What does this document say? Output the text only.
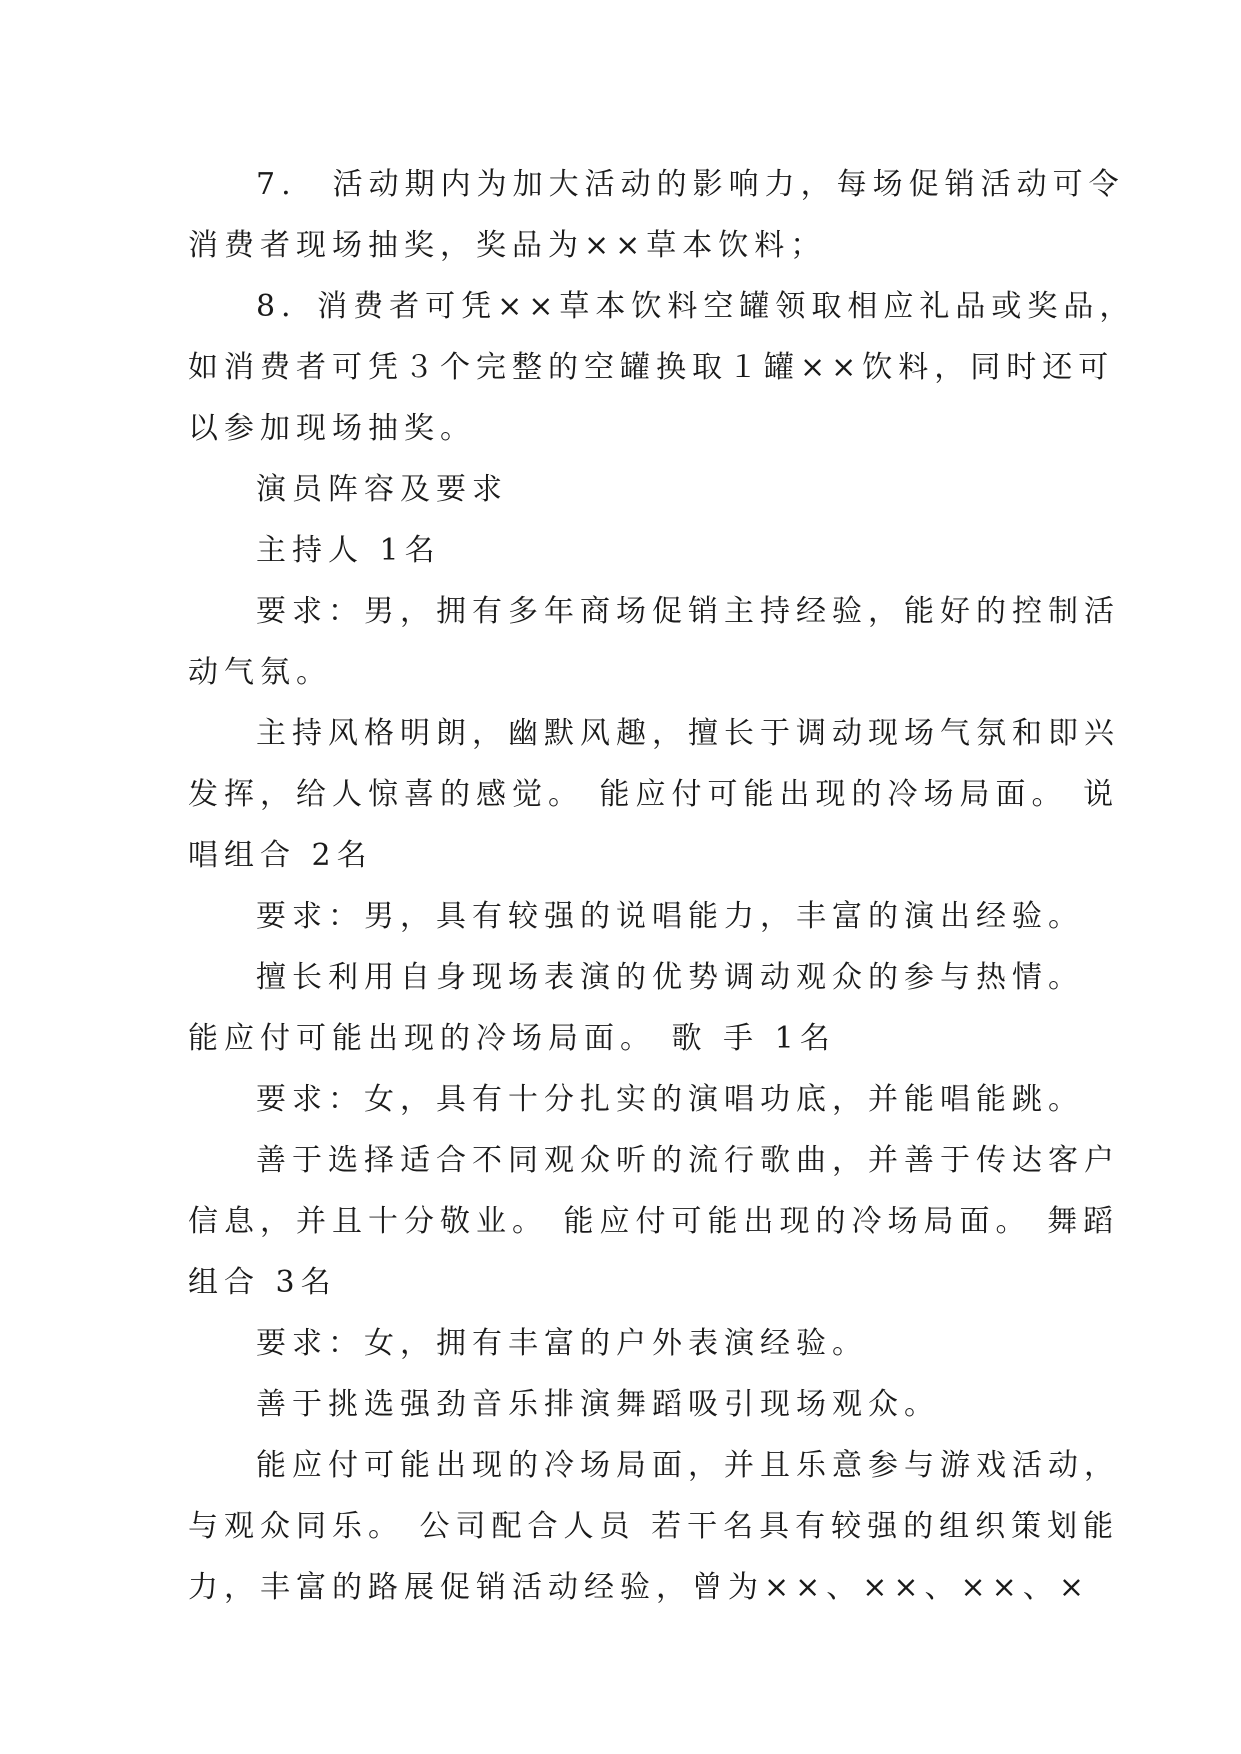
7.　活动期内为加大活动的影响力，每场促销活动可令
消费者现场抽奖，奖品为××草本饮料；
8．消费者可凭××草本饮料空罐领取相应礼品或奖品，
如消费者可凭３个完整的空罐换取１罐××饮料，同时还可
以参加现场抽奖。
演员阵容及要求
主持人 1名
要求：男，拥有多年商场促销主持经验，能好的控制活
动气氛。
主持风格明朗，幽默风趣，擅长于调动现场气氛和即兴
发挥，给人惊喜的感觉。 能应付可能出现的冷场局面。 说
唱组合 2名
要求：男，具有较强的说唱能力，丰富的演出经验。
擅长利用自身现场表演的优势调动观众的参与热情。
能应付可能出现的冷场局面。 歌 手 1名
要求：女，具有十分扎实的演唱功底，并能唱能跳。
善于选择适合不同观众听的流行歌曲，并善于传达客户
信息，并且十分敬业。 能应付可能出现的冷场局面。 舞蹈
组合 3名
要求：女，拥有丰富的户外表演经验。
善于挑选强劲音乐排演舞蹈吸引现场观众。
能应付可能出现的冷场局面，并且乐意参与游戏活动，
与观众同乐。 公司配合人员 若干名具有较强的组织策划能
力，丰富的路展促销活动经验，曾为××、××、××、×
